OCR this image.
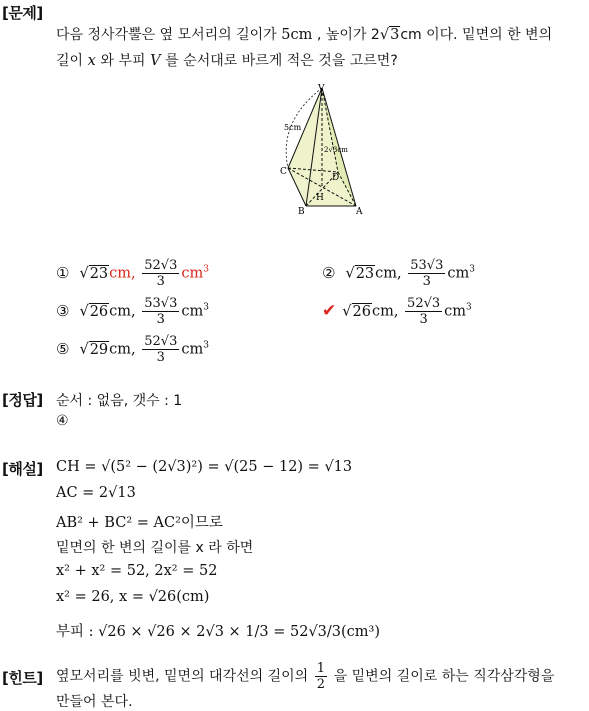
[문제]
다음 정사각뿔은 옆 모서리의 길이가 5cm , 높이가 2√3cm 이다. 밑면의 한 변의
길이 x 와 부피 V 를 순서대로 바르게 적은 것을 고르면?
V
5cm
2√3cm
C
D
B
H
A
① √23cm, $\frac{52√3}{3} cm^3$	② √23cm, $\frac{53√3}{3} cm^3$
③ √26cm, $\frac{53√3}{3} cm^3$	✔ √26cm, $\frac{52√3}{3} cm^3$
⑤ √29cm, $\frac{52√3}{3} cm^3$
[정답] 순서 : 없음, 갯수 : 1
④
[해설] CH = √(5² − (2√3)²) = √(25 − 12) = √13
AC = 2√13
AB² + BC² = AC²이므로
밑면의 한 변의 길이를 x 라 하면
x² + x² = 52, 2x² = 52
x² = 26, x = √26(cm)
부피 : √26 × √26 × 2√3 × 1/3 = 52√3/3(cm³)
[힌트] 옆모서리를 빗변, 밑면의 대각선의 길이의 $\frac{1}{2}$ 을 밑변의 길이로 하는 직각삼각형을
만들어 본다.
